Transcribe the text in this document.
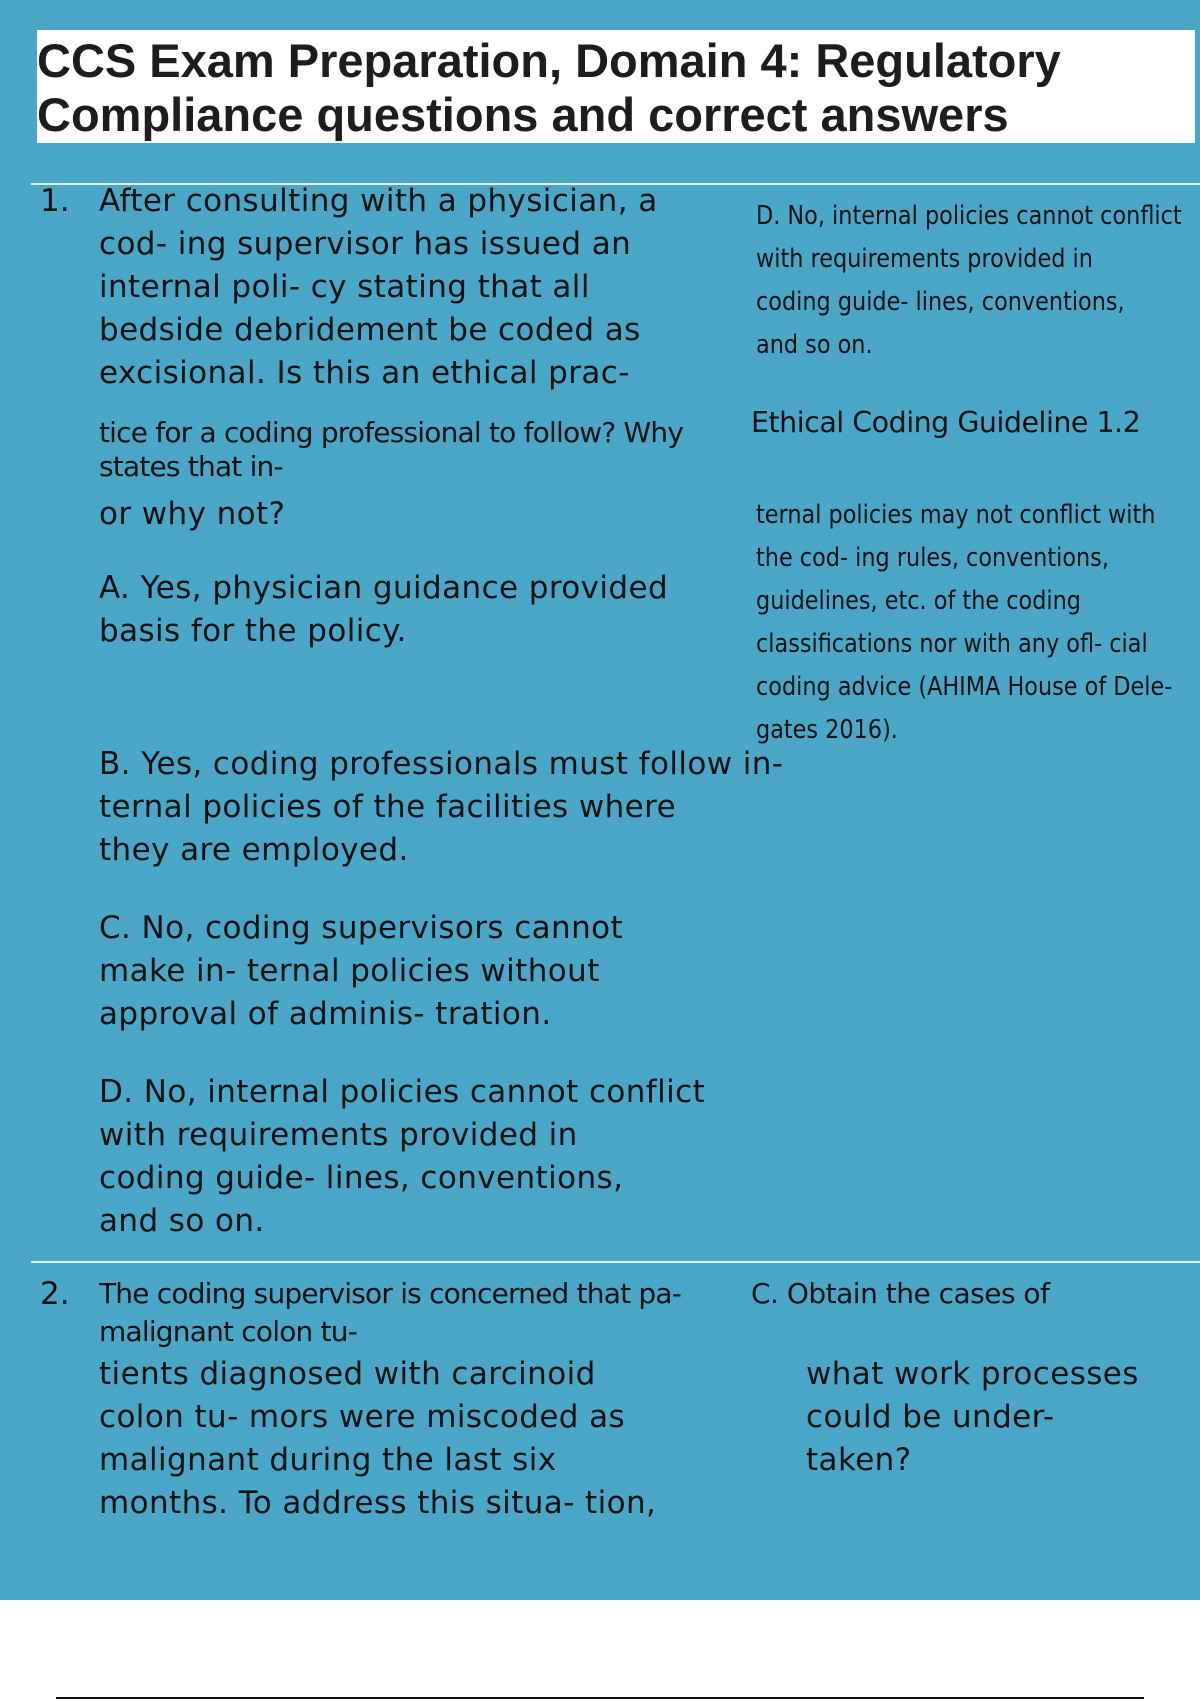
CCS Exam Preparation, Domain 4: Regulatory Compliance questions and correct answers

1. After consulting with a physician, a

cod- ing supervisor has issued an

internal poli- cy stating that all

bedside debridement be coded as

excisional. Is this an ethical prac-

tice for a coding professional to follow? Why

states that in-

or why not?

D. No, internal policies cannot conflict

with requirements provided in

coding guide- lines, conventions,

and so on.

Ethical Coding Guideline 1.2

ternal policies may not conflict with

the cod- ing rules, conventions,

guidelines, etc. of the coding

classifications nor with any ofl- cial

coding advice (AHIMA House of Dele-

gates 2016).

A. Yes, physician guidance provided

basis for the policy.

B. Yes, coding professionals must follow in-

ternal policies of the facilities where

they are employed.

C. No, coding supervisors cannot

make in- ternal policies without

approval of adminis- tration.

D. No, internal policies cannot conflict

with requirements provided in

coding guide- lines, conventions,

and so on.

2. The coding supervisor is concerned that pa-

malignant colon tu-

C. Obtain the cases of

tients diagnosed with carcinoid

colon tu- mors were miscoded as

malignant during the last six

months. To address this situa- tion,

what work processes

could be under-

taken?
